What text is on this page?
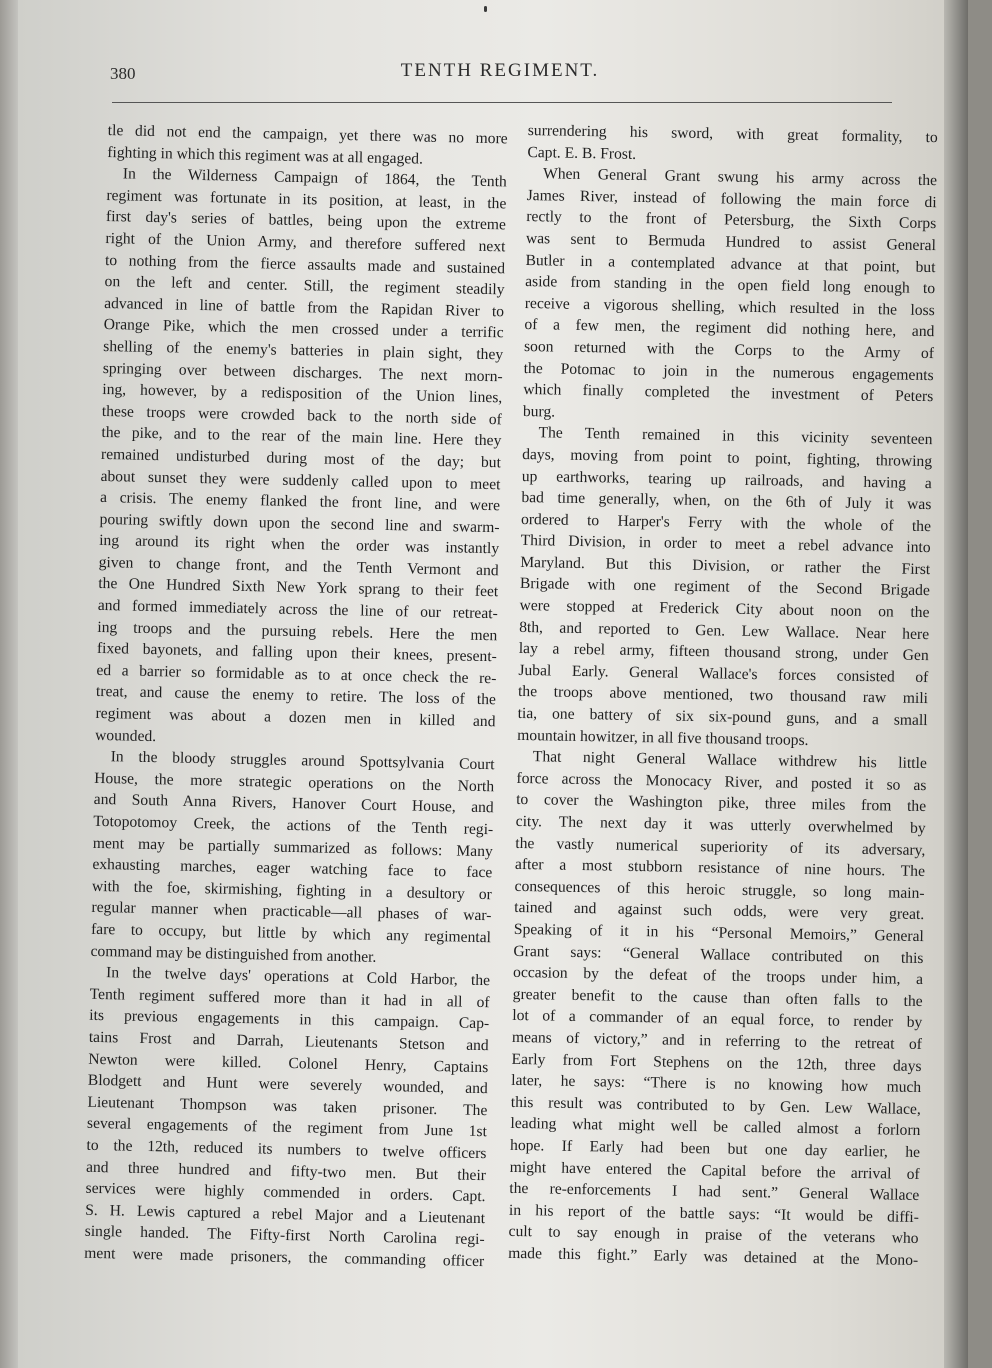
380	TENTH REGIMENT.
tle did not end the campaign, yet there was no more
fighting in which this regiment was at all engaged.
In the Wilderness Campaign of 1864, the Tenth
regiment was fortunate in its position, at least, in the
first day's series of battles, being upon the extreme
right of the Union Army, and therefore suffered next
to nothing from the fierce assaults made and sustained
on the left and center. Still, the regiment steadily
advanced in line of battle from the Rapidan River to
Orange Pike, which the men crossed under a terrific
shelling of the enemy's batteries in plain sight, they
springing over between discharges. The next morn-
ing, however, by a redisposition of the Union lines,
these troops were crowded back to the north side of
the pike, and to the rear of the main line. Here they
remained undisturbed during most of the day; but
about sunset they were suddenly called upon to meet
a crisis. The enemy flanked the front line, and were
pouring swiftly down upon the second line and swarm-
ing around its right when the order was instantly
given to change front, and the Tenth Vermont and
the One Hundred Sixth New York sprang to their feet
and formed immediately across the line of our retreat-
ing troops and the pursuing rebels. Here the men
fixed bayonets, and falling upon their knees, present-
ed a barrier so formidable as to at once check the re-
treat, and cause the enemy to retire. The loss of the
regiment was about a dozen men in killed and
wounded.
In the bloody struggles around Spottsylvania Court
House, the more strategic operations on the North
and South Anna Rivers, Hanover Court House, and
Totopotomoy Creek, the actions of the Tenth regi-
ment may be partially summarized as follows: Many
exhausting marches, eager watching face to face
with the foe, skirmishing, fighting in a desultory or
regular manner when practicable—all phases of war-
fare to occupy, but little by which any regimental
command may be distinguished from another.
In the twelve days' operations at Cold Harbor, the
Tenth regiment suffered more than it had in all of
its previous engagements in this campaign. Cap-
tains Frost and Darrah, Lieutenants Stetson and
Newton were killed. Colonel Henry, Captains
Blodgett and Hunt were severely wounded, and
Lieutenant Thompson was taken prisoner. The
several engagements of the regiment from June 1st
to the 12th, reduced its numbers to twelve officers
and three hundred and fifty-two men. But their
services were highly commended in orders. Capt.
S. H. Lewis captured a rebel Major and a Lieutenant
single handed. The Fifty-first North Carolina regi-
ment were made prisoners, the commanding officer
surrendering his sword, with great formality, to
Capt. E. B. Frost.
When General Grant swung his army across the
James River, instead of following the main force di
rectly to the front of Petersburg, the Sixth Corps
was sent to Bermuda Hundred to assist General
Butler in a contemplated advance at that point, but
aside from standing in the open field long enough to
receive a vigorous shelling, which resulted in the loss
of a few men, the regiment did nothing here, and
soon returned with the Corps to the Army of
the Potomac to join in the numerous engagements
which finally completed the investment of Peters
burg.
The Tenth remained in this vicinity seventeen
days, moving from point to point, fighting, throwing
up earthworks, tearing up railroads, and having a
bad time generally, when, on the 6th of July it was
ordered to Harper's Ferry with the whole of the
Third Division, in order to meet a rebel advance into
Maryland. But this Division, or rather the First
Brigade with one regiment of the Second Brigade
were stopped at Frederick City about noon on the
8th, and reported to Gen. Lew Wallace. Near here
lay a rebel army, fifteen thousand strong, under Gen
Jubal Early. General Wallace's forces consisted of
the troops above mentioned, two thousand raw mili
tia, one battery of six six-pound guns, and a small
mountain howitzer, in all five thousand troops.
That night General Wallace withdrew his little
force across the Monocacy River, and posted it so as
to cover the Washington pike, three miles from the
city. The next day it was utterly overwhelmed by
the vastly numerical superiority of its adversary,
after a most stubborn resistance of nine hours. The
consequences of this heroic struggle, so long main-
tained and against such odds, were very great.
Speaking of it in his “Personal Memoirs,” General
Grant says: “General Wallace contributed on this
occasion by the defeat of the troops under him, a
greater benefit to the cause than often falls to the
lot of a commander of an equal force, to render by
means of victory,” and in referring to the retreat of
Early from Fort Stephens on the 12th, three days
later, he says: “There is no knowing how much
this result was contributed to by Gen. Lew Wallace,
leading what might well be called almost a forlorn
hope. If Early had been but one day earlier, he
might have entered the Capital before the arrival of
the re-enforcements I had sent.” General Wallace
in his report of the battle says: “It would be diffi-
cult to say enough in praise of the veterans who
made this fight.” Early was detained at the Mono-
